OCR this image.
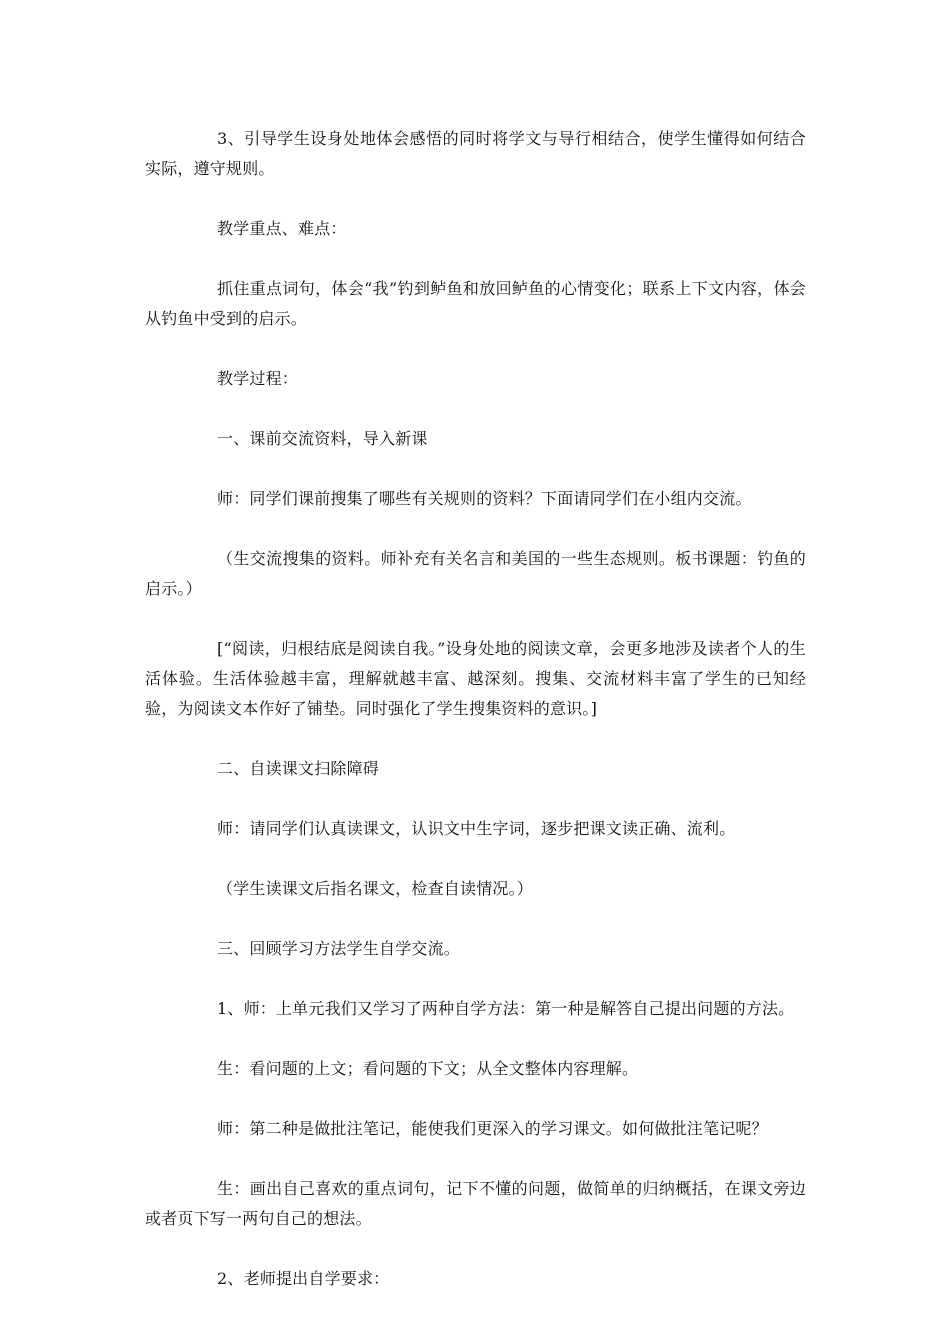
3、引导学生设身处地体会感悟的同时将学文与导行相结合，使学生懂得如何结合实际，遵守规则。

教学重点、难点：

抓住重点词句，体会“我”钓到鲈鱼和放回鲈鱼的心情变化；联系上下文内容，体会从钓鱼中受到的启示。

教学过程：

一、课前交流资料，导入新课

师：同学们课前搜集了哪些有关规则的资料？下面请同学们在小组内交流。

（生交流搜集的资料。师补充有关名言和美国的一些生态规则。板书课题：钓鱼的启示。）

[“阅读，归根结底是阅读自我。”设身处地的阅读文章，会更多地涉及读者个人的生活体验。生活体验越丰富，理解就越丰富、越深刻。搜集、交流材料丰富了学生的已知经验，为阅读文本作好了铺垫。同时强化了学生搜集资料的意识。]

二、自读课文扫除障碍

师：请同学们认真读课文，认识文中生字词，逐步把课文读正确、流利。

（学生读课文后指名课文，检查自读情况。）

三、回顾学习方法学生自学交流。

1、师：上单元我们又学习了两种自学方法：第一种是解答自己提出问题的方法。

生：看问题的上文；看问题的下文；从全文整体内容理解。

师：第二种是做批注笔记，能使我们更深入的学习课文。如何做批注笔记呢？

生：画出自己喜欢的重点词句，记下不懂的问题，做简单的归纳概括，在课文旁边或者页下写一两句自己的想法。

2、老师提出自学要求：
